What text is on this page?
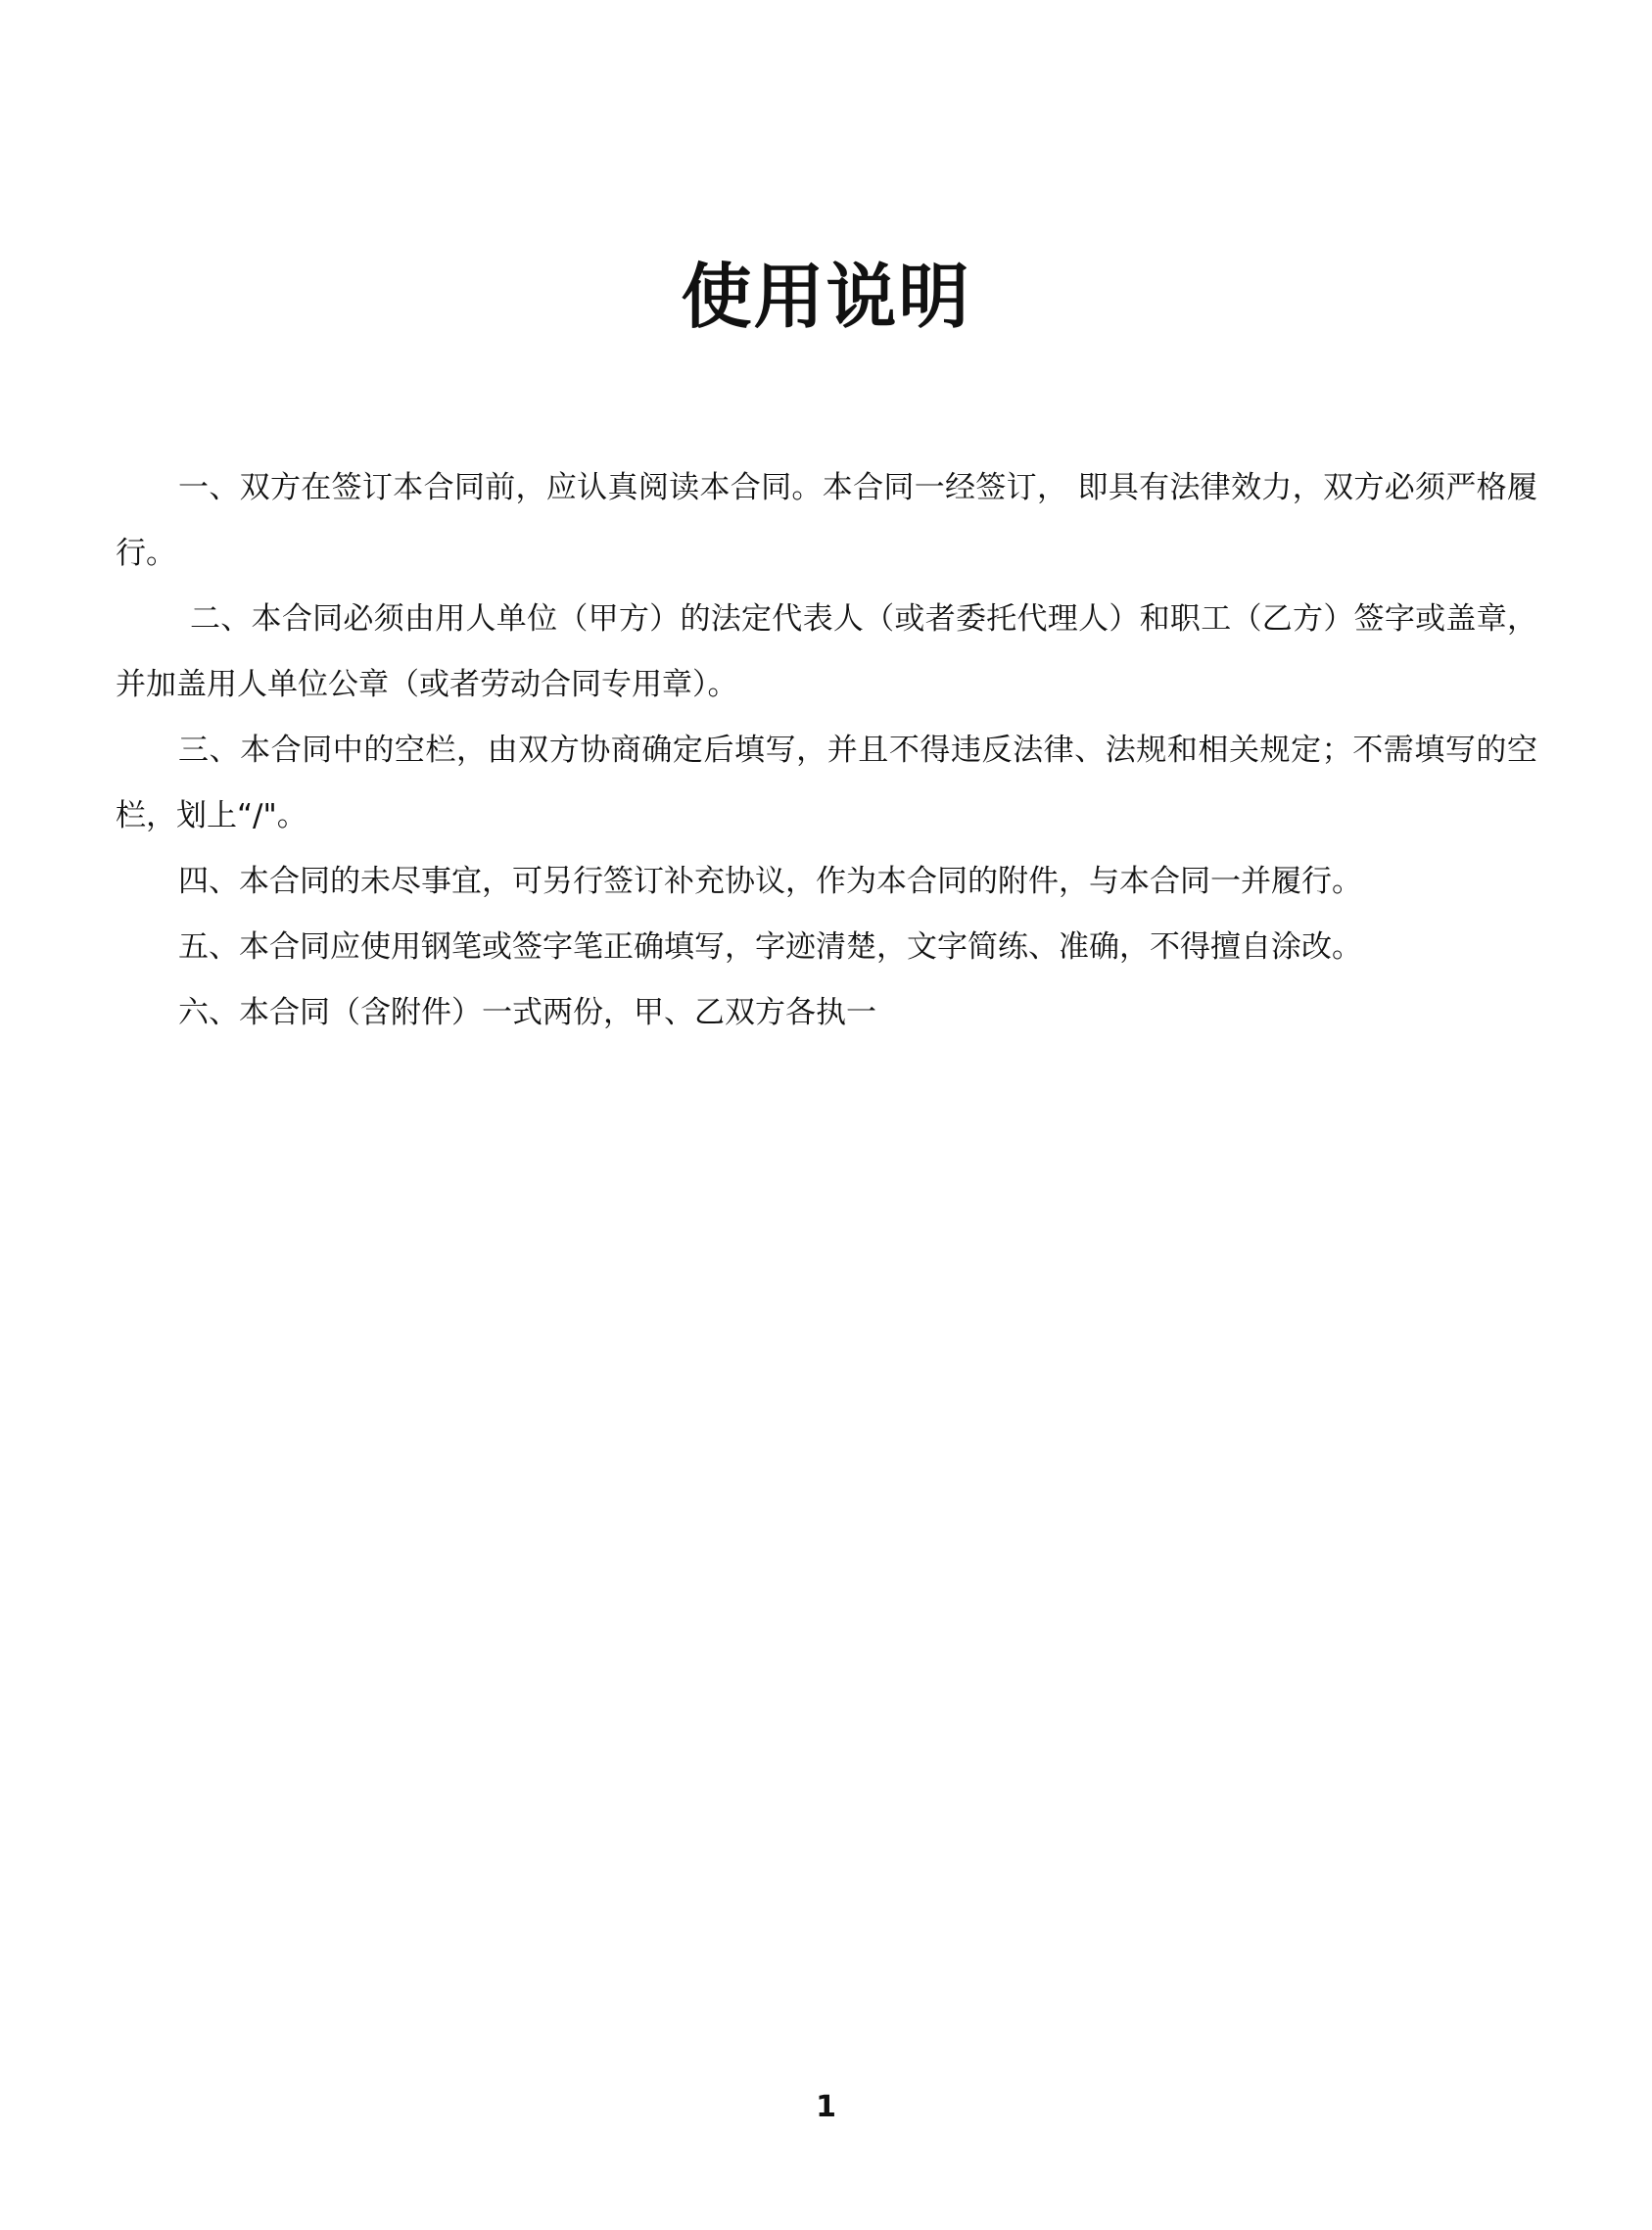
使用说明

一、双方在签订本合同前，应认真阅读本合同。本合同一经签订， 即具有法律效力，双方必须严格履行。

二、本合同必须由用人单位（甲方）的法定代表人（或者委托代理人）和职工（乙方）签字或盖章，并加盖用人单位公章（或者劳动合同专用章）。

三、本合同中的空栏，由双方协商确定后填写，并且不得违反法律、法规和相关规定；不需填写的空栏，划上“/"。

四、本合同的未尽事宜，可另行签订补充协议，作为本合同的附件，与本合同一并履行。

五、本合同应使用钢笔或签字笔正确填写，字迹清楚，文字简练、准确，不得擅自涂改。

六、本合同（含附件）一式两份，甲、乙双方各执一

1
